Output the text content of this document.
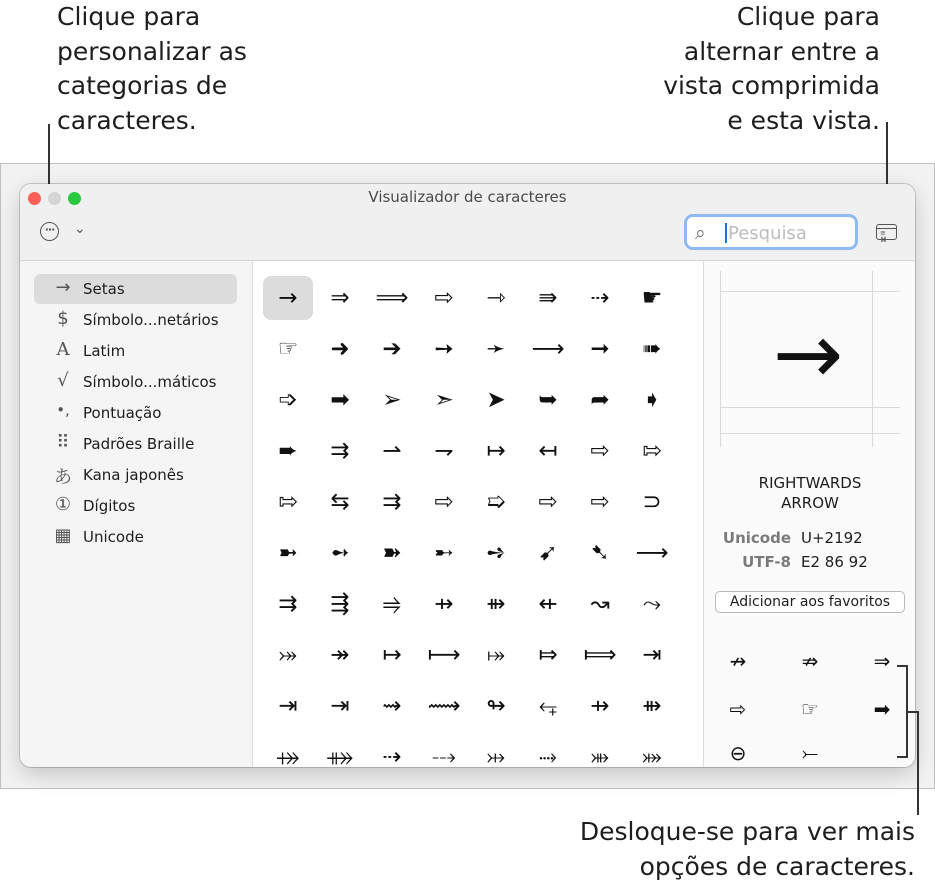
Clique para
personalizar as
categorias de
caracteres.
Clique para
alternar entre a
vista comprimida
e esta vista.
Desloque-se para ver mais
opções de caracteres.
Visualizador de caracteres
···	⌄	⌕ Pesquisa	≡ ⌘
→ Setas
$ Símbolo...netários
A Latim
√ Símbolo...máticos
•, Pontuação
⠿ Padrões Braille
あ Kana japonês
① Dígitos
▦ Unicode
→	⇒	⟹	⇨	⇾	⇛	⇢	☛
☞	➜	➔	➙	➛	⟶	➞	➠
➩	➡	➢	➣	➤	➥	➦	➧
➨	⇉	⇀	⇁	↦	↤	⇨	⇰
⇰	⇆	⇉	⇨	➯	⇨	⇨	⊃
➼	➻	➽	➸	➺	➹	➷	⟶
⇉	⇶	⥤	⇸	⇻	⇷	↝	⤳
⤖	↠	↦	⟼	⤅	⤇	⟾	⇥
⇥	⇥	⇝	⟿	↬	⥆	⇸	⇻
⤀	⤁	⇢	⤏	⤔	⤑	⤕	⤗
→
RIGHTWARDS
ARROW
Unicode U+2192
UTF-8 E2 86 92
Adicionar aos favoritos
↛	⇏	⇒
⇨	☞	➡
⊖	⤚
